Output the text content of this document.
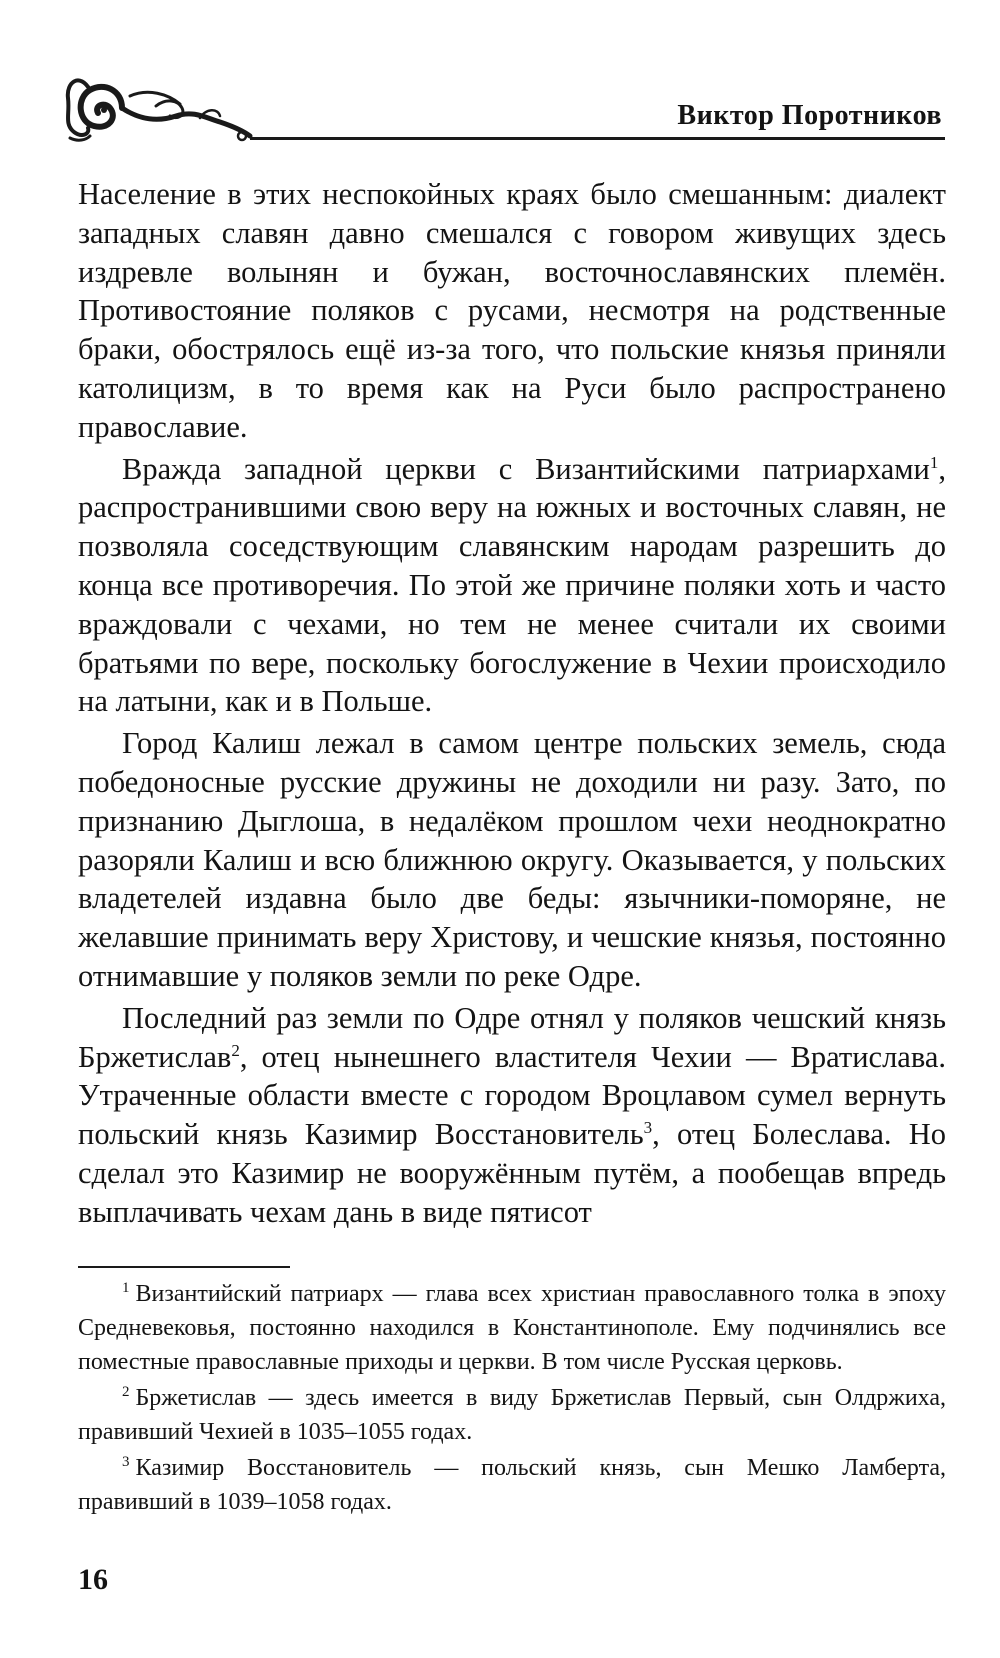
Виктор Поротников

Население в этих неспокойных краях было смешанным: диалект западных славян давно смешался с говором живущих здесь издревле волынян и бужан, восточнославянских племён. Противостояние поляков с русами, несмотря на родственные браки, обострялось ещё из-за того, что польские князья приняли католицизм, в то время как на Руси было распространено православие.

Вражда западной церкви с Византийскими патриархами$^1$, распространившими свою веру на южных и восточных славян, не позволяла соседствующим славянским народам разрешить до конца все противоречия. По этой же причине поляки хоть и часто враждовали с чехами, но тем не менее считали их своими братьями по вере, поскольку богослужение в Чехии происходило на латыни, как и в Польше.

Город Калиш лежал в самом центре польских земель, сюда победоносные русские дружины не доходили ни разу. Зато, по признанию Дыглоша, в недалёком прошлом чехи неоднократно разоряли Калиш и всю ближнюю округу. Оказывается, у польских владетелей издавна было две беды: язычники-поморяне, не желавшие принимать веру Христову, и чешские князья, постоянно отнимавшие у поляков земли по реке Одре.

Последний раз земли по Одре отнял у поляков чешский князь Бржетислав$^2$, отец нынешнего властителя Чехии — Вратислава. Утраченные области вместе с городом Вроцлавом сумел вернуть польский князь Казимир Восстановитель$^3$, отец Болеслава. Но сделал это Казимир не вооружённым путём, а пообещав впредь выплачивать чехам дань в виде пятисот

$^1$ Византийский патриарх — глава всех христиан православного толка в эпоху Средневековья, постоянно находился в Константинополе. Ему подчинялись все поместные православные приходы и церкви. В том числе Русская церковь.

$^2$ Бржетислав — здесь имеется в виду Бржетислав Первый, сын Олдржиха, правивший Чехией в 1035–1055 годах.

$^3$ Казимир Восстановитель — польский князь, сын Мешко Ламберта, правивший в 1039–1058 годах.

16
